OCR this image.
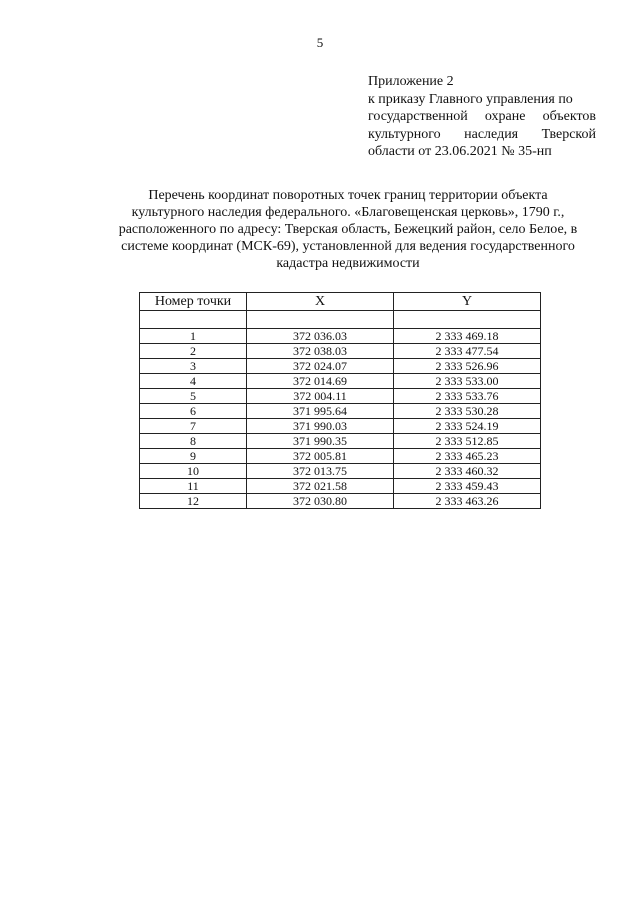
5
Приложение 2
к приказу Главного управления по
государственной охране объектов
культурного наследия Тверской
области от 23.06.2021 № 35-нп
Перечень координат поворотных точек границ территории объекта
культурного наследия федерального. «Благовещенская церковь», 1790 г.,
расположенного по адресу: Тверская область, Бежецкий район, село Белое, в
системе координат (МСК-69), установленной для ведения государственного
кадастра недвижимости
Номер точки	X	Y

1	372 036.03	2 333 469.18
2	372 038.03	2 333 477.54
3	372 024.07	2 333 526.96
4	372 014.69	2 333 533.00
5	372 004.11	2 333 533.76
6	371 995.64	2 333 530.28
7	371 990.03	2 333 524.19
8	371 990.35	2 333 512.85
9	372 005.81	2 333 465.23
10	372 013.75	2 333 460.32
11	372 021.58	2 333 459.43
12	372 030.80	2 333 463.26
